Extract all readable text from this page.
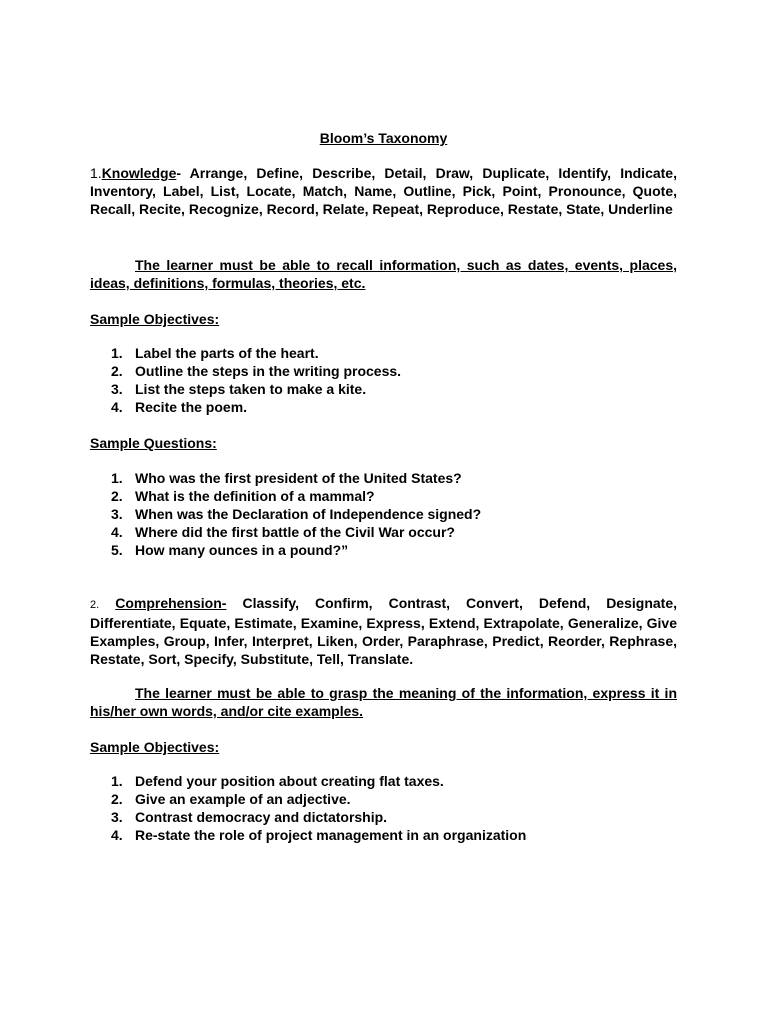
Bloom’s Taxonomy
1.Knowledge- Arrange, Define, Describe, Detail, Draw, Duplicate, Identify, Indicate, Inventory, Label, List, Locate, Match, Name, Outline, Pick, Point, Pronounce, Quote, Recall, Recite, Recognize, Record, Relate, Repeat, Reproduce, Restate, State, Underline
The learner must be able to recall information, such as dates, events, places, ideas, definitions, formulas, theories, etc.
Sample Objectives:
1. Label the parts of the heart.
2. Outline the steps in the writing process.
3. List the steps taken to make a kite.
4. Recite the poem.
Sample Questions:
1. Who was the first president of the United States?
2. What is the definition of a mammal?
3. When was the Declaration of Independence signed?
4. Where did the first battle of the Civil War occur?
5. How many ounces in a pound?”
2. Comprehension- Classify, Confirm, Contrast, Convert, Defend, Designate, Differentiate, Equate, Estimate, Examine, Express, Extend, Extrapolate, Generalize, Give Examples, Group, Infer, Interpret, Liken, Order, Paraphrase, Predict, Reorder, Rephrase, Restate, Sort, Specify, Substitute, Tell, Translate.
The learner must be able to grasp the meaning of the information, express it in his/her own words, and/or cite examples.
Sample Objectives:
1. Defend your position about creating flat taxes.
2. Give an example of an adjective.
3. Contrast democracy and dictatorship.
4. Re-state the role of project management in an organization
